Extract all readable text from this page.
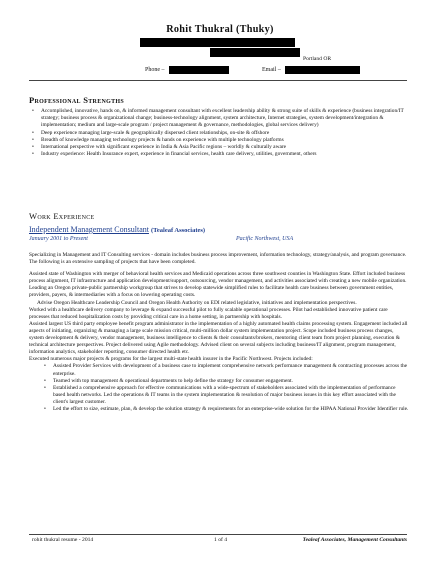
Rohit Thukral (Thuky)
Portland OR
Phone –	Email –
Professional Strengths
• Accomplished, innovative, hands on, & informed management consultant with excellent leadership ability & strong suite of skills & experience (business integration/IT strategy; business process & organizational change; business-technology alignment, system architecture, Internet strategies, system development/integration & implementation; medium and large-scale program / project management & governance, methodologies, global services delivery)
• Deep experience managing large-scale & geographically dispersed client relationships, on-site & offshore
• Breadth of knowledge managing technology projects & hands on experience with multiple technology platforms
• International perspective with significant experience in India & Asia Pacific regions – worldly & culturally aware
• Industry experience: Health Insurance expert, experience in financial services, health care delivery, utilities, government, others
Work Experience
Independent Management Consultant (Tealeaf Associates)
January 2001 to Present	Pacific Northwest, USA

Specializing in Management and IT Consulting services - domain includes business process improvement, information technology, strategy/analysis, and program governance. The following is an extensive sampling of projects that have been completed.

Assisted state of Washington with merger of behavioral health services and Medicaid operations across three southwest counties in Washington State. Effort included business process alignment, IT infrastructure and application development/support, outsourcing, vendor management, and activities associated with creating a new mobile organization.

Leading an Oregon private-public partnership workgroup that strives to develop statewide simplified rules to facilitate health care business between government entities, providers, payers, & intermediaries with a focus on lowering operating costs.

Advise Oregon Healthcare Leadership Council and Oregon Health Authority on EDI related legislative, initiatives and implementation perspectives.

Worked with a healthcare delivery company to leverage & expand successful pilot to fully scalable operational processes. Pilot had established innovative patient care processes that reduced hospitalization costs by providing critical care in a home setting, in partnership with hospitals.

Assisted largest US third party employee benefit program administrator in the implementation of a highly automated health claims processing system. Engagement included all aspects of initiating, organizing & managing a large scale mission critical, multi-million dollar system implementation project. Scope included business process changes, system development & delivery, vendor management, business intelligence to clients & their consultants/brokers, mentoring client team from project planning, execution & technical architecture perspectives. Project delivered using Agile methodology. Advised client on several subjects including business/IT alignment, program management, information analytics, stakeholder reporting, consumer directed health etc.

Executed numerous major projects & programs for the largest multi-state health insurer in the Pacific Northwest. Projects included:

• Assisted Provider Services with development of a business case to implement comprehensive network performance management & contracting processes across the enterprise.
• Teamed with top management & operational departments to help define the strategy for consumer engagement.
• Established a comprehensive approach for effective communications with a wide-spectrum of stakeholders associated with the implementation of performance based health networks. Led the operations & IT teams in the system implementation & resolution of major business issues in this key effort associated with the client's largest customer.
• Led the effort to size, estimate, plan, & develop the solution strategy & requirements for an enterprise-wide solution for the HIPAA National Provider Identifier rule.
rohit thukral resume - 2014	1 of 4	Tealeaf Associates, Management Consultants
